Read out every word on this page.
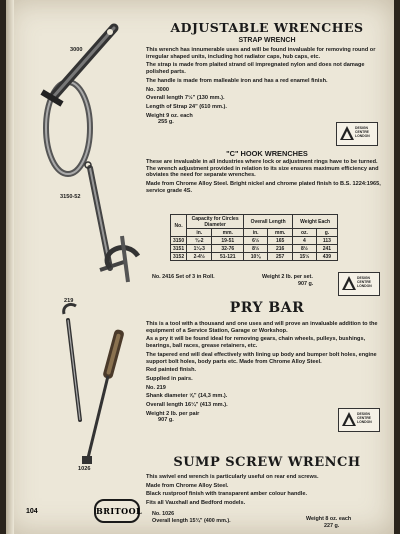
3000
3150-52
219
1026
ADJUSTABLE WRENCHES
STRAP WRENCH

This wrench has innumerable uses and will be found invaluable for removing round or irregular shaped units, including hot radiator caps, hub caps, etc.

The strap is made from plaited strand oil impregnated nylon and does not damage polished parts.

The handle is made from malleable iron and has a red enamel finish.

No. 3000

Overall length 7½" (130 mm.).

Length of Strap 24" (610 mm.).

Weight 9 oz. each

255 g.

DESIGN CENTRE LONDON
"C" HOOK WRENCHES

These are invaluable in all industries where lock or adjustment rings have to be turned. The wrench adjustment provided in relation to its size ensures maximum efficiency and obviates the need for separate wrenches.

Made from Chrome Alloy Steel. Bright nickel and chrome plated finish to B.S. 1224:1965, service grade 4S.

No.	Capacity for Circles Diameter		Overall Length		Weight Each	
	in.	mm.	in.	mm.	oz.	g.
3150	¾-2	19-51	6½	165	4	113
3151	1¼-3	32-76	8½	216	8½	241
3152	2-4½	51-121	10⅛	257	15½	439
No. 2416 Set of 3 in Roll.	Weight 2 lb. per set.
907 g.
DESIGN CENTRE LONDON
PRY BAR

This is a tool with a thousand and one uses and will prove an invaluable addition to the equipment of a Service Station, Garage or Workshop.

As a pry it will be found ideal for removing gears, chain wheels, pulleys, bushings, bearings, ball races, grease retainers, etc.

The tapered end will deal effectively with lining up body and bumper bolt holes, engine support bolt holes, body parts etc. Made from Chrome Alloy Steel.

Red painted finish.

Supplied in pairs.

No. 219

Shank diameter ⅝" (14,3 mm.).

Overall length 16¼" (413 mm.).

Weight 2 lb. per pair

907 g.

DESIGN CENTRE LONDON
SUMP SCREW WRENCH

This swivel end wrench is particularly useful on rear end screws.

Made from Chrome Alloy Steel.

Black rustproof finish with transparent amber colour handle.

Fits all Vauxhall and Bedford models.

No. 1026
Overall length 15¾" (400 mm.).	Weight 8 oz. each
227 g.
104	BRITOOL
